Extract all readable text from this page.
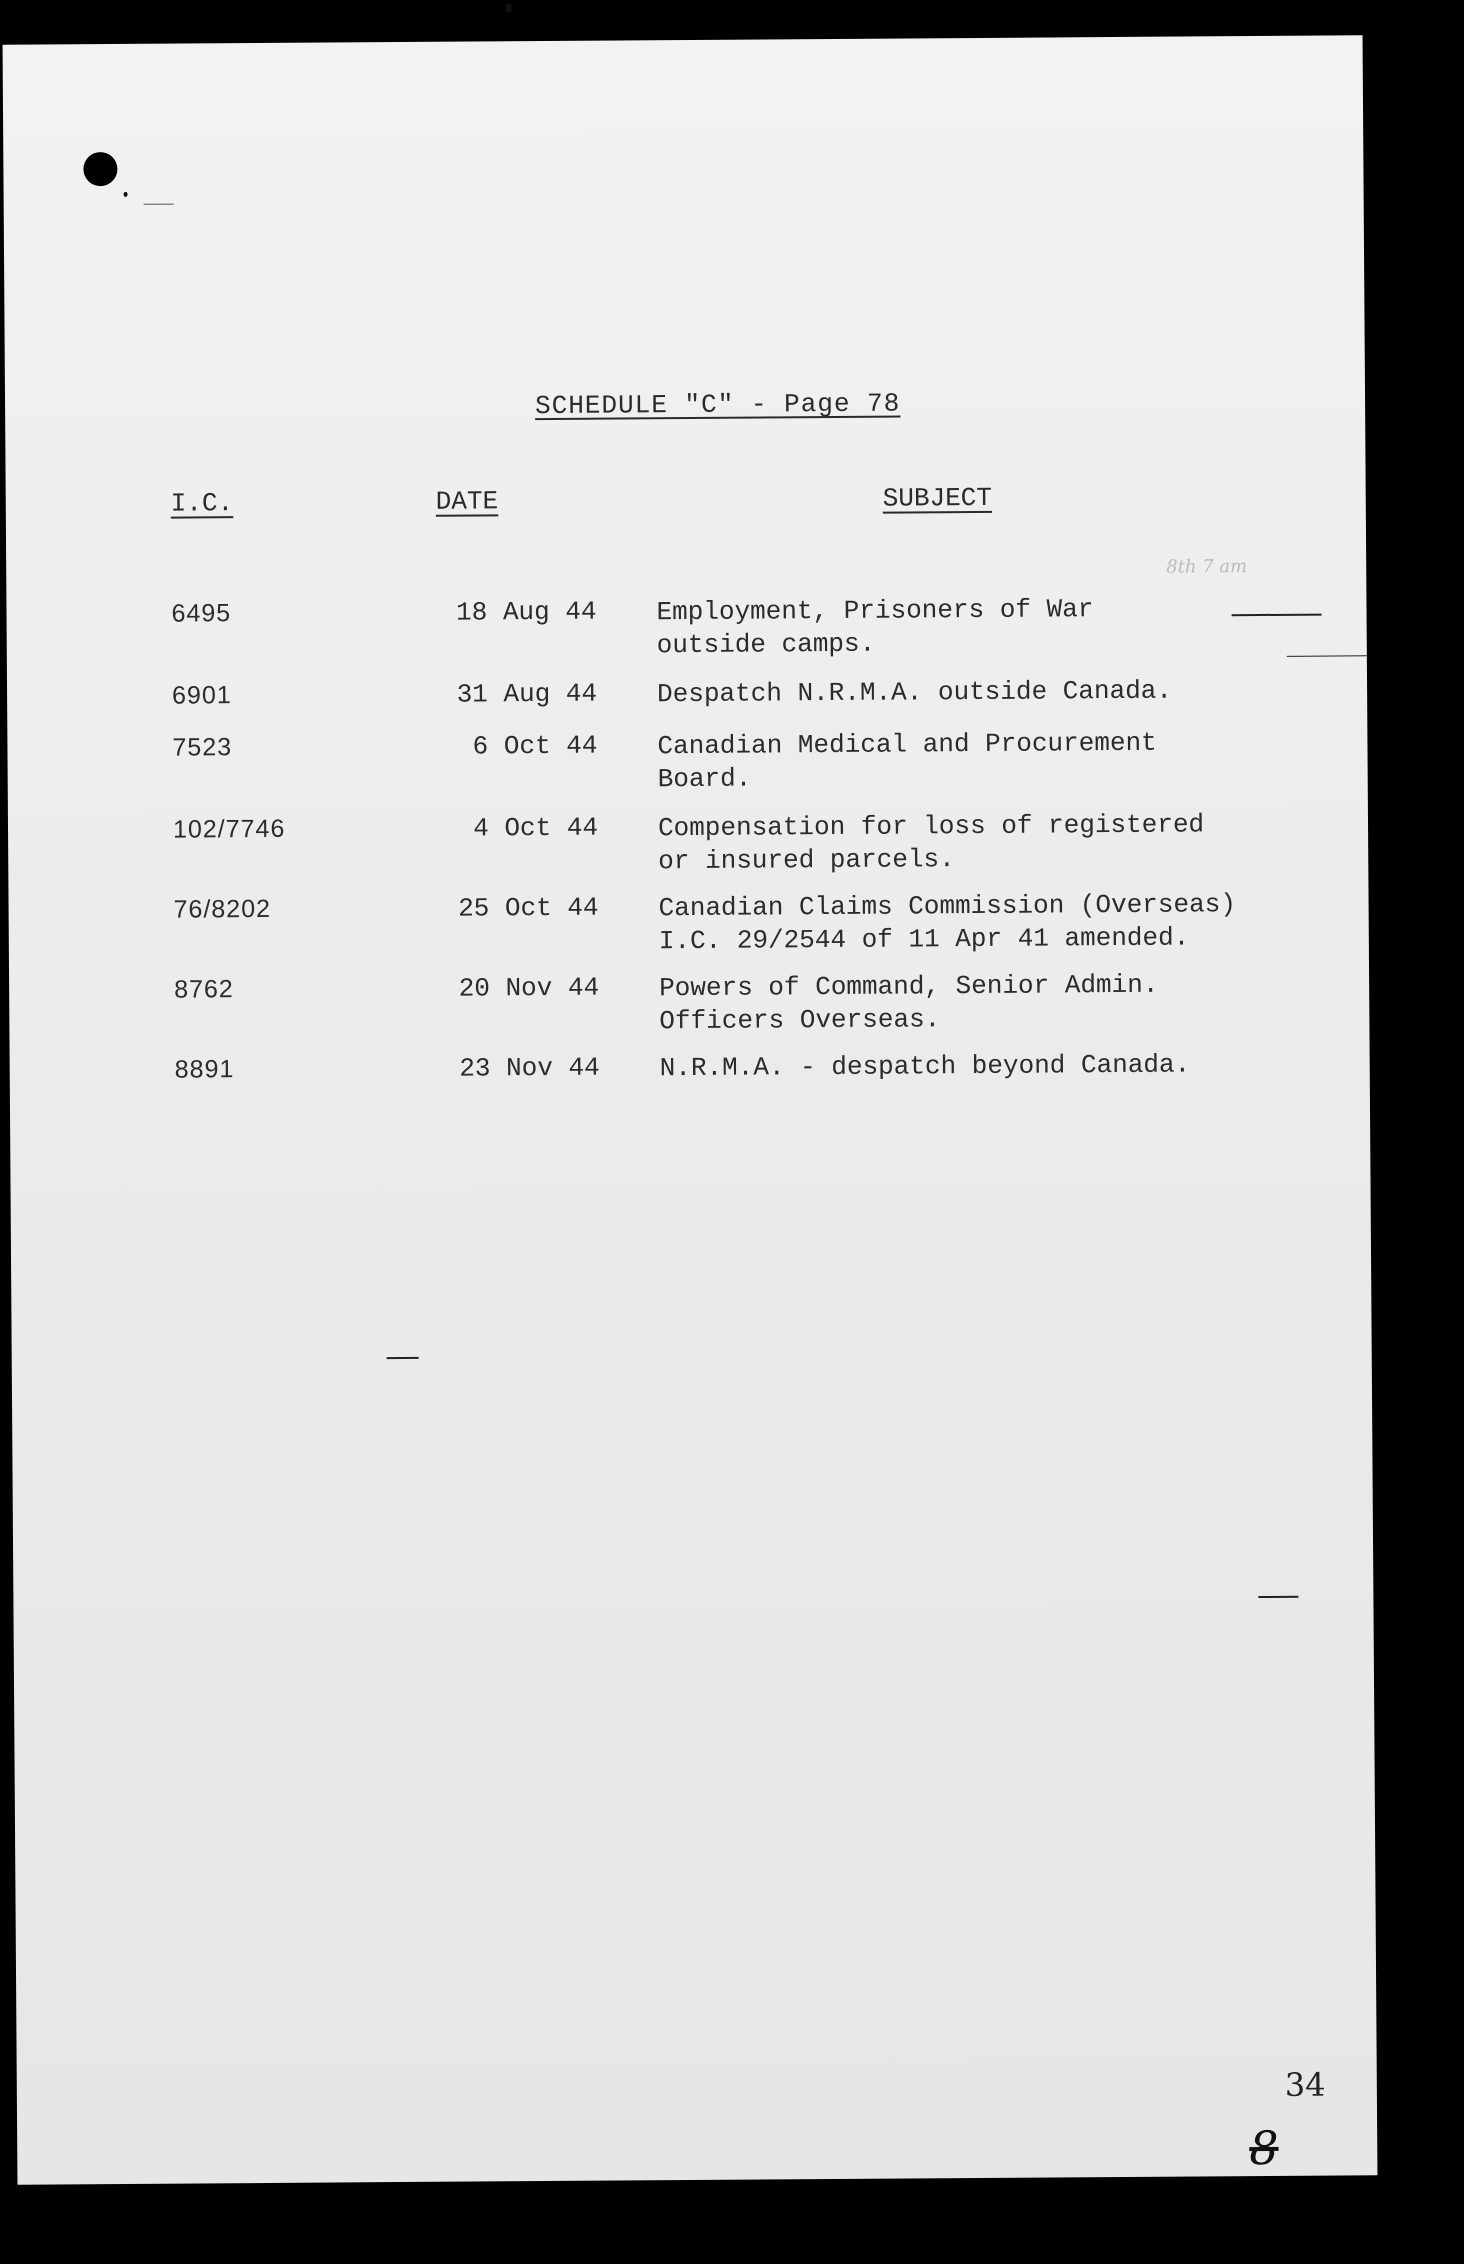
SCHEDULE "C" - Page 78
I.C.	DATE	SUBJECT
6495	18 Aug 44 Employment, Prisoners of War
outside camps.
6901	31 Aug 44 Despatch N.R.M.A. outside Canada.
7523	6 Oct 44 Canadian Medical and Procurement
Board.
102/7746	4 Oct 44 Compensation for loss of registered
or insured parcels.
76/8202	25 Oct 44 Canadian Claims Commission (Overseas)
I.C. 29/2544 of 11 Apr 41 amended.
8762	20 Nov 44 Powers of Command, Senior Admin.
Officers Overseas.
8891	23 Nov 44 N.R.M.A. - despatch beyond Canada.
8th 7 am
34
8
